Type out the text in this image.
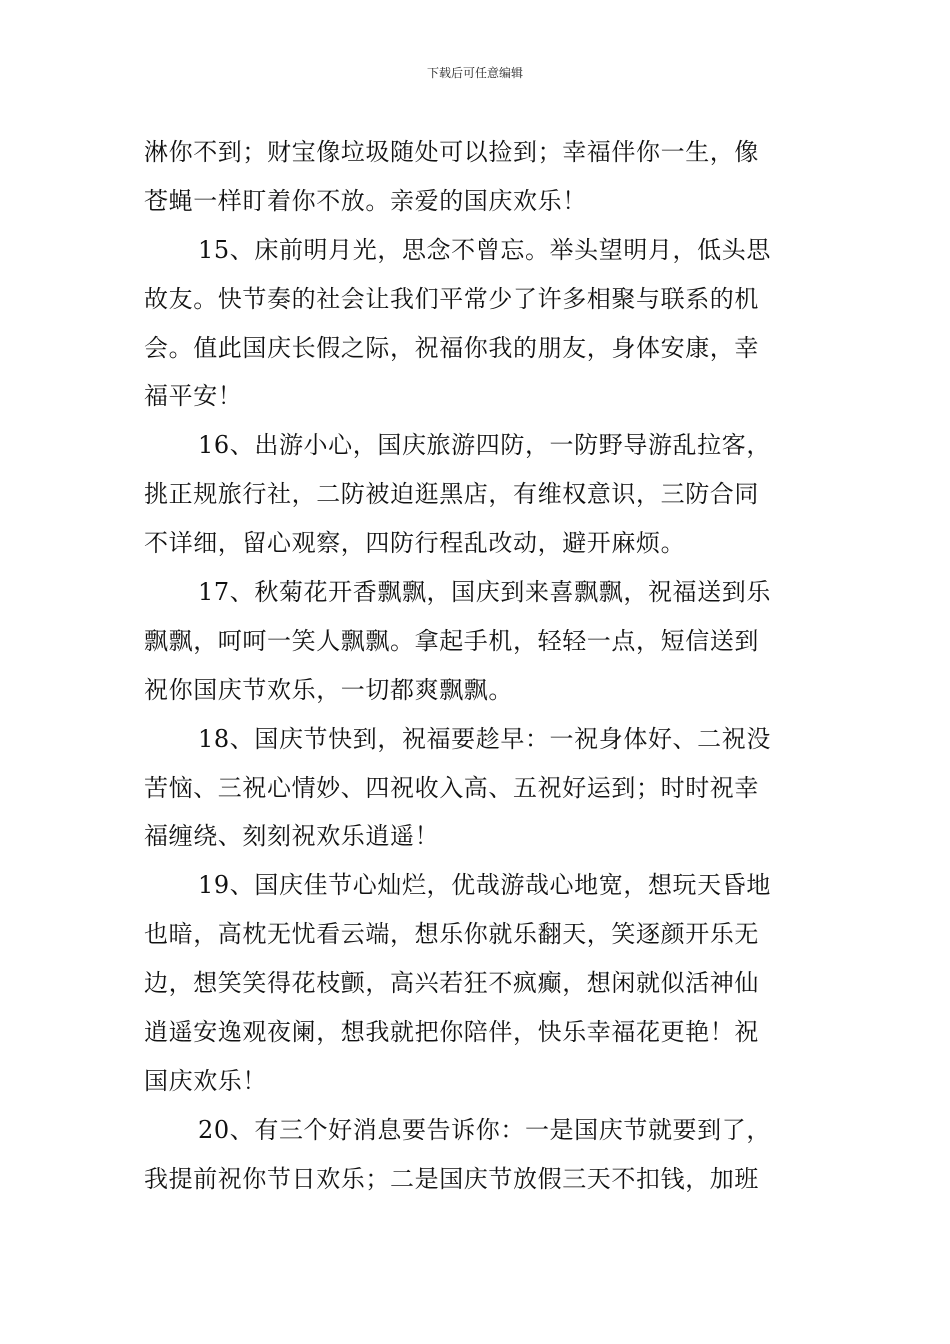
下载后可任意编辑
淋你不到；财宝像垃圾随处可以捡到；幸福伴你一生，像
苍蝇一样盯着你不放。亲爱的国庆欢乐！
15、床前明月光，思念不曾忘。举头望明月，低头思
故友。快节奏的社会让我们平常少了许多相聚与联系的机
会。值此国庆长假之际，祝福你我的朋友，身体安康，幸
福平安！
16、出游小心，国庆旅游四防，一防野导游乱拉客，
挑正规旅行社，二防被迫逛黑店，有维权意识，三防合同
不详细，留心观察，四防行程乱改动，避开麻烦。
17、秋菊花开香飘飘，国庆到来喜飘飘，祝福送到乐
飘飘，呵呵一笑人飘飘。拿起手机，轻轻一点，短信送到
祝你国庆节欢乐，一切都爽飘飘。
18、国庆节快到，祝福要趁早：一祝身体好、二祝没
苦恼、三祝心情妙、四祝收入高、五祝好运到；时时祝幸
福缠绕、刻刻祝欢乐逍遥！
19、国庆佳节心灿烂，优哉游哉心地宽，想玩天昏地
也暗，高枕无忧看云端，想乐你就乐翻天，笑逐颜开乐无
边，想笑笑得花枝颤，高兴若狂不疯癫，想闲就似活神仙
逍遥安逸观夜阑，想我就把你陪伴，快乐幸福花更艳！祝
国庆欢乐！
20、有三个好消息要告诉你：一是国庆节就要到了，
我提前祝你节日欢乐；二是国庆节放假三天不扣钱，加班
